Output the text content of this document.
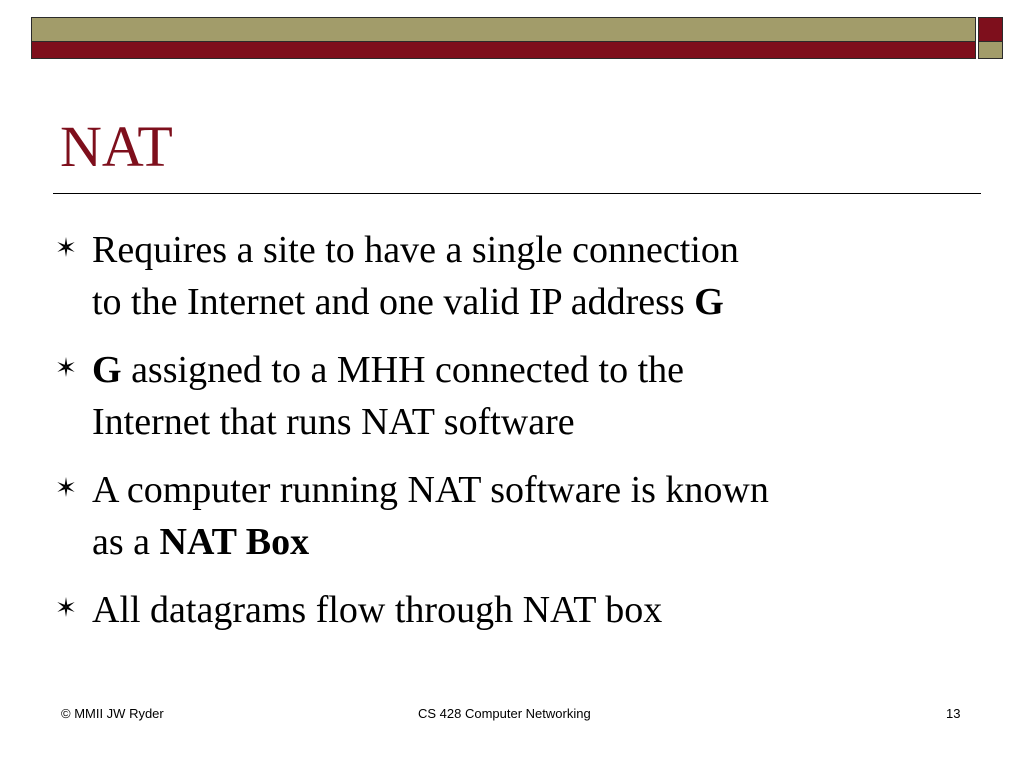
NAT
Requires a site to have a single connection
to the Internet and one valid IP address G
G assigned to a MHH connected to the
Internet that runs NAT software
A computer running NAT software is known
as a NAT Box
All datagrams flow through NAT box
© MMII JW Ryder	CS 428 Computer Networking	13
